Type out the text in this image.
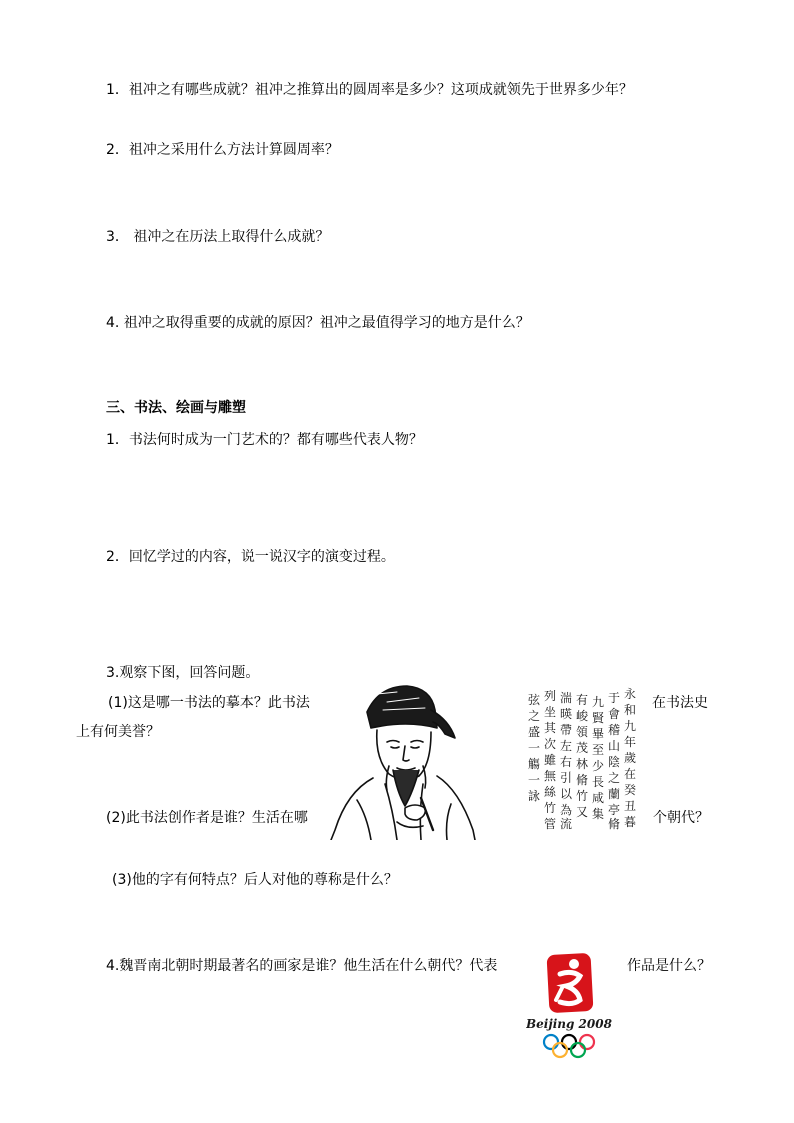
1．祖冲之有哪些成就？祖冲之推算出的圆周率是多少？这项成就领先于世界多少年？
2．祖冲之采用什么方法计算圆周率？
3． 祖冲之在历法上取得什么成就？
4. 祖冲之取得重要的成就的原因？祖冲之最值得学习的地方是什么？
三、书法、绘画与雕塑
1．书法何时成为一门艺术的？都有哪些代表人物？
2．回忆学过的内容，说一说汉字的演变过程。
3.观察下图，回答问题。
(1)这是哪一书法的摹本？此书法	在书法史
上有何美誉？
(2)此书法创作者是谁？生活在哪	个朝代？
(3)他的字有何特点？后人对他的尊称是什么？
4.魏晋南北朝时期最著名的画家是谁？他生活在什么朝代？代表	作品是什么？
永
和
九
年
歲
在
癸
丑
暮
于
會
稽
山
陰
之
蘭
亭
脩
九
賢
畢
至
少
長
咸
集
有
峻
領
茂
林
脩
竹
又
湍
暎
帶
左
右
引
以
為
流
列
坐
其
次
雖
無
絲
竹
管
弦
之
盛
一
觴
一
詠
Beijing 2008
